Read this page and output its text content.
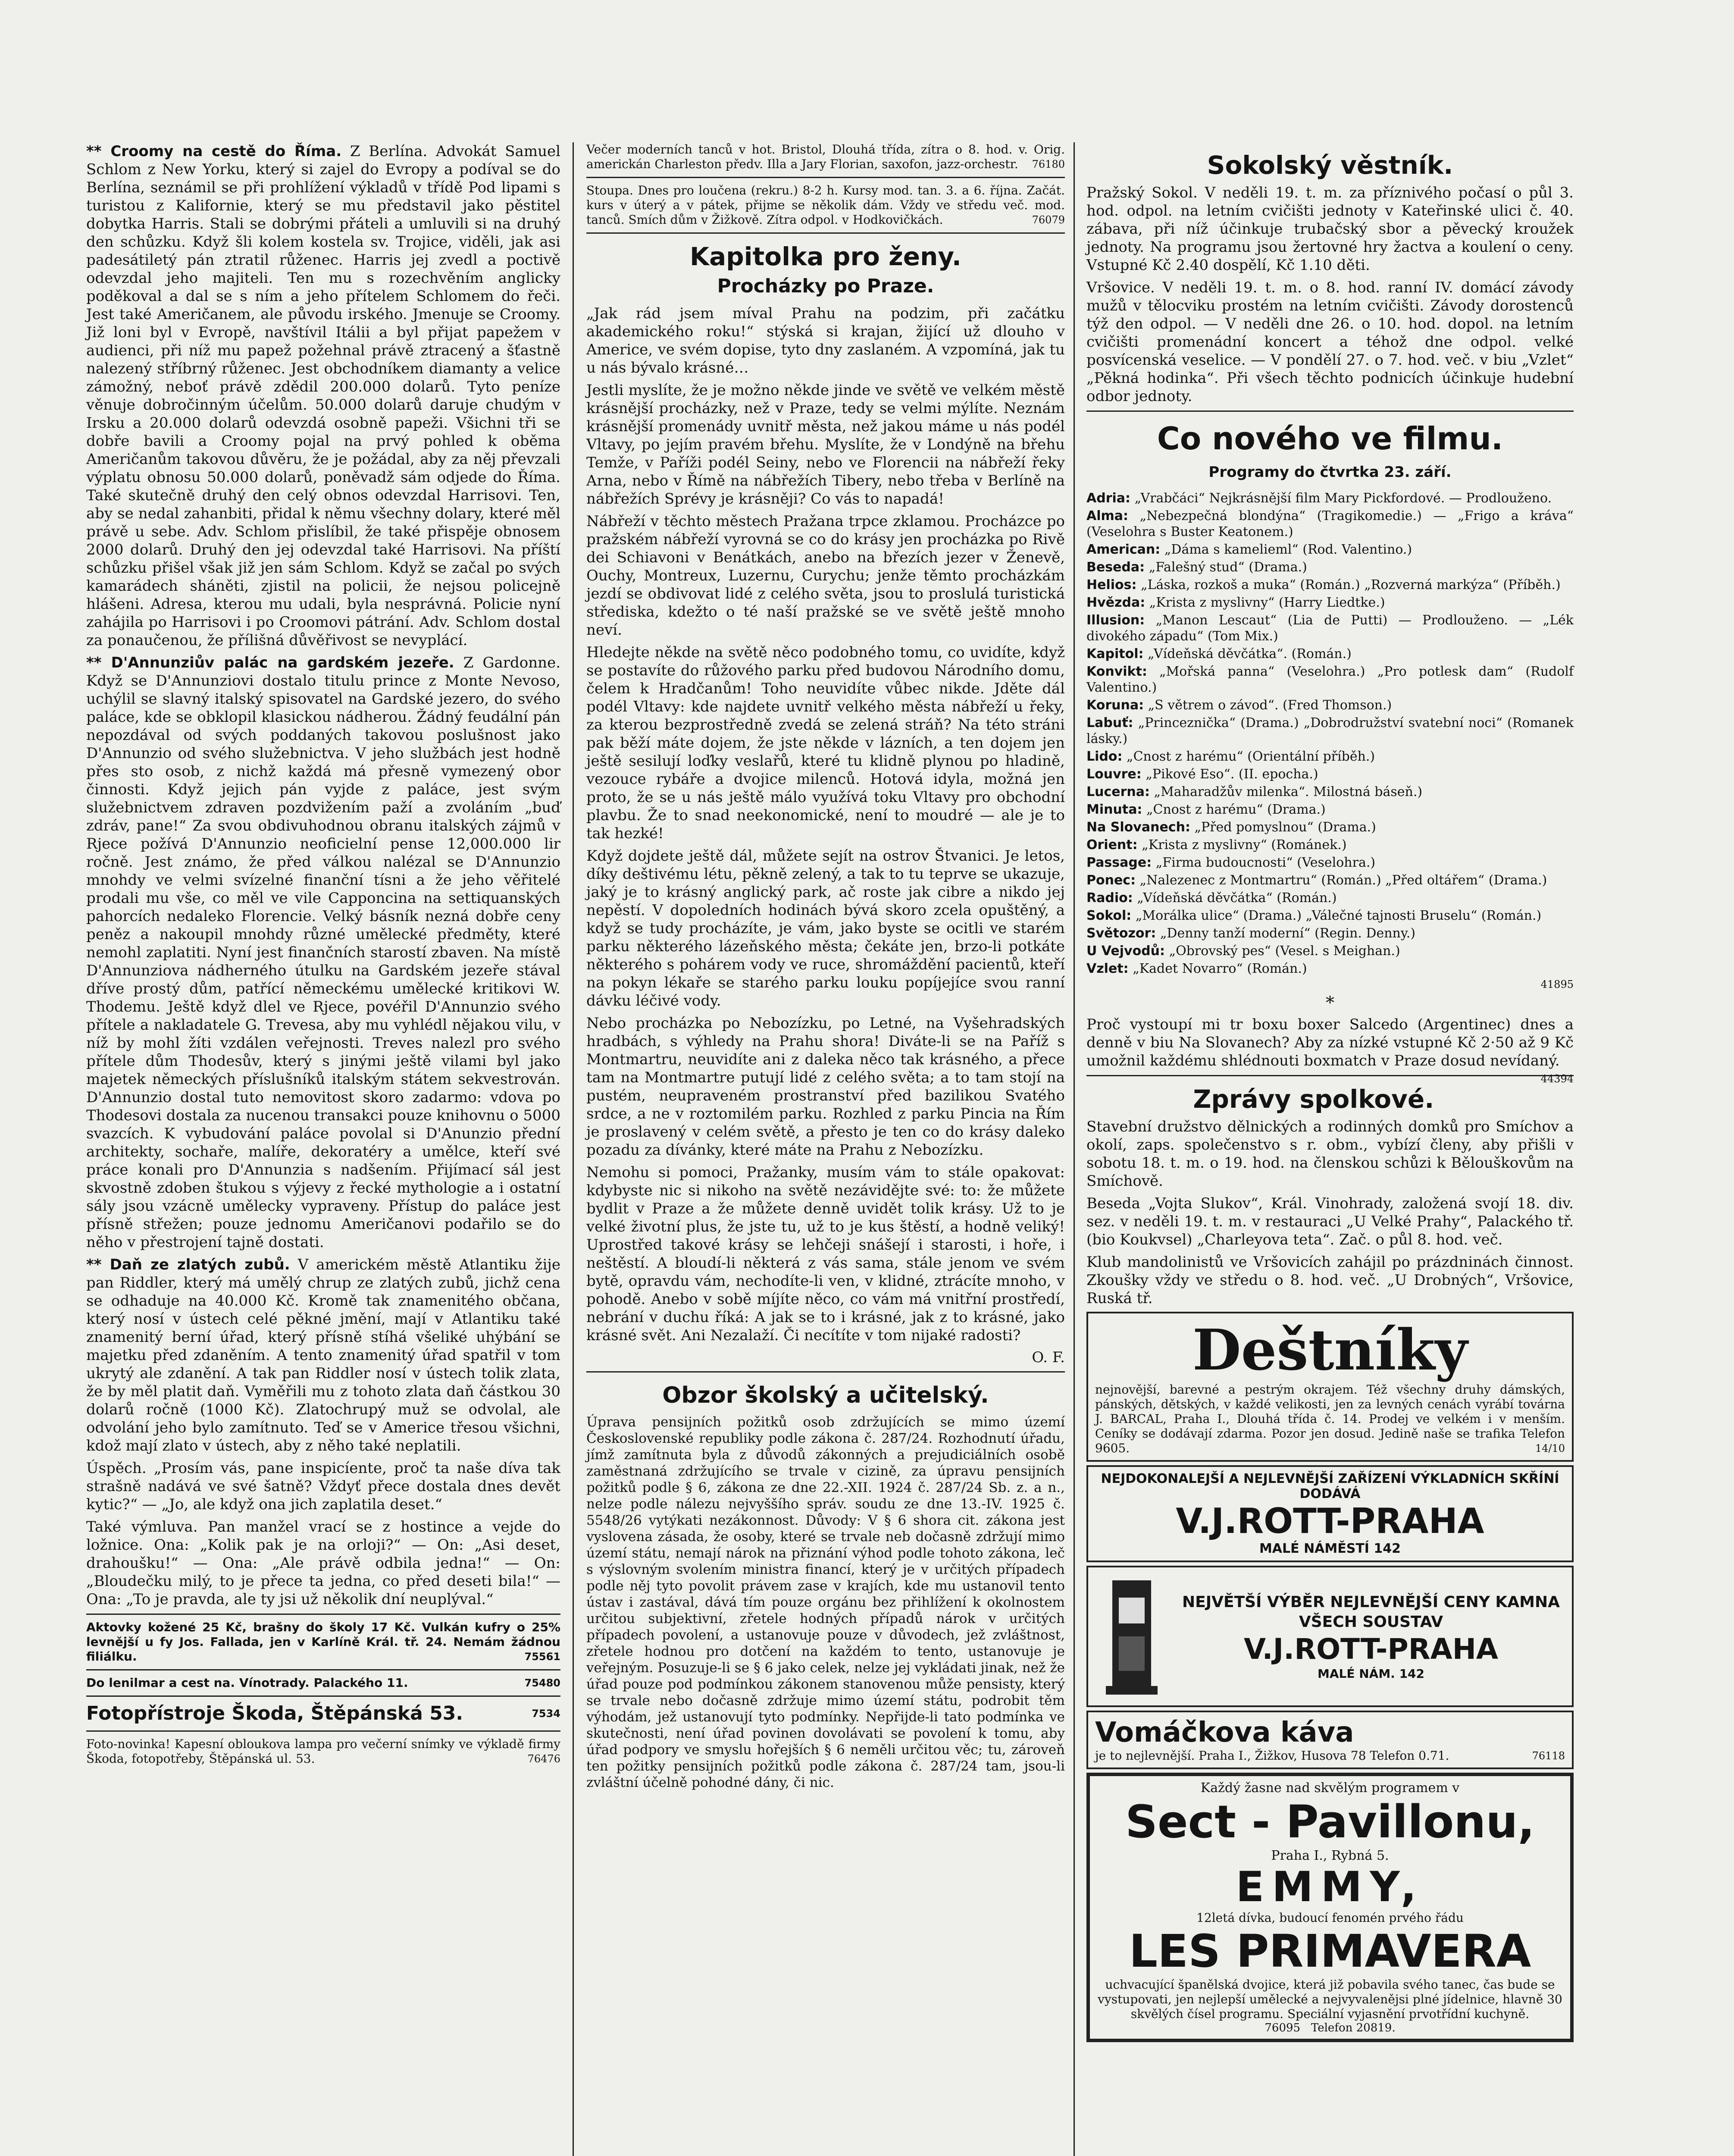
** Croomy na cestě do Říma. Z Berlína. Advokát Samuel Schlom z New Yorku, který si zajel do Evropy a podíval se do Berlína, seznámil se při prohlížení výkladů v třídě Pod lipami s turistou z Kalifornie, který se mu představil jako pěstitel dobytka Harris. Stali se dobrými přáteli a umluvili si na druhý den schůzku. Když šli kolem kostela sv. Trojice, viděli, jak asi padesátiletý pán ztratil růženec. Harris jej zvedl a poctivě odevzdal jeho majiteli. Ten mu s rozechvěním anglicky poděkoval a dal se s ním a jeho přítelem Schlomem do řeči. Jest také Američanem, ale původu irského. Jmenuje se Croomy. Již loni byl v Evropě, navštívil Itálii a byl přijat papežem v audienci, při níž mu papež požehnal právě ztracený a šťastně nalezený stříbrný růženec. Jest obchodníkem diamanty a velice zámožný, neboť právě zdědil 200.000 dolarů. Tyto peníze věnuje dobročinným účelům. 50.000 dolarů daruje chudým v Irsku a 20.000 dolarů odevzdá osobně papeži. Všichni tři se dobře bavili a Croomy pojal na prvý pohled k oběma Američanům takovou důvěru, že je požádal, aby za něj převzali výplatu obnosu 50.000 dolarů, poněvadž sám odjede do Říma. Také skutečně druhý den celý obnos odevzdal Harrisovi. Ten, aby se nedal zahanbiti, přidal k němu všechny dolary, které měl právě u sebe. Adv. Schlom přislíbil, že také přispěje obnosem 2000 dolarů. Druhý den jej odevzdal také Harrisovi. Na příští schůzku přišel však již jen sám Schlom. Když se začal po svých kamarádech sháněti, zjistil na policii, že nejsou policejně hlášeni. Adresa, kterou mu udali, byla nesprávná. Policie nyní zahájila po Harrisovi i po Croomovi pátrání. Adv. Schlom dostal za ponaučenou, že přílišná důvěřivost se nevyplácí.

** D'Annunziův palác na gardském jezeře. Z Gardonne. Když se D'Annunziovi dostalo titulu prince z Monte Nevoso, uchýlil se slavný italský spisovatel na Gardské jezero, do svého paláce, kde se obklopil klasickou nádherou. Žádný feudální pán nepozdával od svých poddaných takovou poslušnost jako D'Annunzio od svého služebnictva. V jeho službách jest hodně přes sto osob, z nichž každá má přesně vymezený obor činnosti. Když jejich pán vyjde z paláce, jest svým služebnictvem zdraven pozdvižením paží a zvoláním „buď zdráv, pane!“ Za svou obdivuhodnou obranu italských zájmů v Rjece požívá D'Annunzio neoficielní pense 12,000.000 lir ročně. Jest známo, že před válkou nalézal se D'Annunzio mnohdy ve velmi svízelné finanční tísni a že jeho věřitelé prodali mu vše, co měl ve vile Capponcina na settiquanských pahorcích nedaleko Florencie. Velký básník nezná dobře ceny peněz a nakoupil mnohdy různé umělecké předměty, které nemohl zaplatiti. Nyní jest finančních starostí zbaven. Na místě D'Annunziova nádherného útulku na Gardském jezeře stával dříve prostý dům, patřící německému umělecké kritikovi W. Thodemu. Ještě když dlel ve Rjece, povéřil D'Annunzio svého přítele a nakladatele G. Trevesa, aby mu vyhlédl nějakou vilu, v níž by mohl žíti vzdálen veřejnosti. Treves nalezl pro svého přítele dům Thodesův, který s jinými ještě vilami byl jako majetek německých příslušníků italským státem sekvestrován. D'Annunzio dostal tuto nemovitost skoro zadarmo: vdova po Thodesovi dostala za nucenou transakci pouze knihovnu o 5000 svazcích. K vybudování paláce povolal si D'Anunzio přední architekty, sochaře, malíře, dekoratéry a umělce, kteří své práce konali pro D'Annunzia s nadšením. Přijímací sál jest skvostně zdoben štukou s výjevy z řecké mythologie a i ostatní sály jsou vzácně umělecky vypraveny. Přístup do paláce jest přísně střežen; pouze jednomu Američanovi podařilo se do něho v přestrojení tajně dostati.

** Daň ze zlatých zubů. V americkém městě Atlantiku žije pan Riddler, který má umělý chrup ze zlatých zubů, jichž cena se odhaduje na 40.000 Kč. Kromě tak znamenitého občana, který nosí v ústech celé pěkné jmění, mají v Atlantiku také znamenitý berní úřad, který přísně stíhá všeliké uhýbání se majetku před zdaněním. A tento znamenitý úřad spatřil v tom ukrytý ale zdanění. A tak pan Riddler nosí v ústech tolik zlata, že by měl platit daň. Vyměřili mu z tohoto zlata daň částkou 30 dolarů ročně (1000 Kč). Zlatochrupý muž se odvolal, ale odvolání jeho bylo zamítnuto. Teď se v Americe třesou všichni, kdož mají zlato v ústech, aby z něho také neplatili.

Úspěch. „Prosím vás, pane inspicíente, proč ta naše díva tak strašně nadává ve své šatně? Vždyť přece dostala dnes devět kytic?“ — „Jo, ale když ona jich zaplatila deset.“

Také výmluva. Pan manžel vrací se z hostince a vejde do ložnice. Ona: „Kolik pak je na orloji?“ — On: „Asi deset, drahoušku!“ — Ona: „Ale právě odbila jedna!“ — On: „Bloudečku milý, to je přece ta jedna, co před deseti bila!“ — Ona: „To je pravda, ale ty jsi už několik dní neuplýval.“

Aktovky kožené 25 Kč, brašny do školy 17 Kč. Vulkán kufry o 25% levnější u fy Jos. Fallada, jen v Karlíně Král. tř. 24. Nemám žádnou filiálku.	75561

Do lenilmar a cest na. Vínotrady. Palackého 11.	75480

Fotopřístroje Škoda, Štěpánská 53.	7534

Foto-novinka! Kapesní obloukova lampa pro večerní snímky ve výkladě firmy Škoda, fotopotřeby, Štěpánská ul. 53.	76476

Večer moderních tanců v hot. Bristol, Dlouhá třída, zítra o 8. hod. v. Orig. americkán Charleston předv. Illa a Jary Florian, saxofon, jazz-orchestr. 76180

Stoupa. Dnes pro loučena (rekru.) 8-2 h. Kursy mod. tan. 3. a 6. října. Začát. kurs v úterý a v pátek, přijme se několik dám. Vždy ve středu več. mod. tanců. Smích dům v Žižkově. Zítra odpol. v Hodkovičkách.	76079

Kapitolka pro ženy.
Procházky po Praze.

„Jak rád jsem míval Prahu na podzim, při začátku akademického roku!“ stýská si krajan, žijící už dlouho v Americe, ve svém dopise, tyto dny zaslaném. A vzpomíná, jak tu u nás bývalo krásné…

Jestli myslíte, že je možno někde jinde ve světě ve velkém městě krásnější procházky, než v Praze, tedy se velmi mýlíte. Neznám krásnější promenády uvnitř města, než jakou máme u nás podél Vltavy, po jejím pravém břehu. Myslíte, že v Londýně na břehu Temže, v Paříži podél Seiny, nebo ve Florencii na nábřeží řeky Arna, nebo v Římě na nábřežích Tibery, nebo třeba v Berlíně na nábřežích Sprévy je krásněji? Co vás to napadá!

Nábřeží v těchto městech Pražana trpce zklamou. Procházce po pražském nábřeží vyrovná se co do krásy jen procházka po Rivě dei Schiavoni v Benátkách, anebo na březích jezer v Ženevě, Ouchy, Montreux, Luzernu, Curychu; jenže těmto procházkám jezdí se obdivovat lidé z celého světa, jsou to proslulá turistická střediska, kdežto o té naší pražské se ve světě ještě mnoho neví.

Hledejte někde na světě něco podobného tomu, co uvidíte, když se postavíte do růžového parku před budovou Národního domu, čelem k Hradčanům! Toho neuvidíte vůbec nikde. Jděte dál podél Vltavy: kde najdete uvnitř velkého města nábřeží u řeky, za kterou bezprostředně zvedá se zelená stráň? Na této stráni pak běží máte dojem, že jste někde v lázních, a ten dojem jen ještě sesilují loďky veslařů, které tu klidně plynou po hladině, vezouce rybáře a dvojice milenců. Hotová idyla, možná jen proto, že se u nás ještě málo využívá toku Vltavy pro obchodní plavbu. Že to snad neekonomické, není to moudré — ale je to tak hezké!

Když dojdete ještě dál, můžete sejít na ostrov Štvanici. Je letos, díky deštivému létu, pěkně zelený, a tak to tu teprve se ukazuje, jaký je to krásný anglický park, ač roste jak cibre a nikdo jej nepěstí. V dopoledních hodinách bývá skoro zcela opuštěný, a když se tudy procházíte, je vám, jako byste se ocitli ve starém parku některého lázeňského města; čekáte jen, brzo-li potkáte některého s pohárem vody ve ruce, shromáždění pacientů, kteří na pokyn lékaře se starého parku louku popíjejíce svou ranní dávku léčivé vody.

Nebo procházka po Nebozízku, po Letné, na Vyšehradských hradbách, s výhledy na Prahu shora! Diváte-li se na Paříž s Montmartru, neuvidíte ani z daleka něco tak krásného, a přece tam na Montmartre putují lidé z celého světa; a to tam stojí na pustém, neupraveném prostranství před bazilikou Svatého srdce, a ne v roztomilém parku. Rozhled z parku Pincia na Řím je proslavený v celém světě, a přesto je ten co do krásy daleko pozadu za dívánky, které máte na Prahu z Nebozízku.

Nemohu si pomoci, Pražanky, musím vám to stále opakovat: kdybyste nic si nikoho na světě nezávidějte své: to: že můžete bydlit v Praze a že můžete denně uvidět tolik krásy. Už to je velké životní plus, že jste tu, už to je kus štěstí, a hodně veliký! Uprostřed takové krásy se lehčeji snášejí i starosti, i hoře, i neštěstí. A bloudí-li některá z vás sama, stále jenom ve svém bytě, opravdu vám, nechodíte-li ven, v klidné, ztrácíte mnoho, v pohodě. Anebo v sobě míjíte něco, co vám má vnitřní prostředí, nebrání v duchu říká: A jak se to i krásné, jak z to krásné, jako krásné svět. Ani Nezalaží. Či necítíte v tom nijaké radosti?

O. F.
Obzor školský a učitelský.

Úprava pensijních požitků osob zdržujících se mimo území Československé republiky podle zákona č. 287/24. Rozhodnutí úřadu, jímž zamítnuta byla z důvodů zákonných a prejudiciálních osobě zaměstnaná zdržujícího se trvale v cizině, za úpravu pensijních požitků podle § 6, zákona ze dne 22.-XII. 1924 č. 287/24 Sb. z. a n., nelze podle nálezu nejvyššího správ. soudu ze dne 13.-IV. 1925 č. 5548/26 vytýkati nezákonnost. Důvody: V § 6 shora cit. zákona jest vyslovena zásada, že osoby, které se trvale neb dočasně zdržují mimo území státu, nemají nárok na přiznání výhod podle tohoto zákona, leč s výslovným svolením ministra financí, který je v určitých případech podle něj tyto povolit právem zase v krajích, kde mu ustanovil tento ústav i zastával, dává tím pouze orgánu bez přihlížení k okolnostem určitou subjektivní, zřetele hodných případů nárok v určitých případech povolení, a ustanovuje pouze v důvodech, jež zvláštnost, zřetele hodnou pro dotčení na každém to tento, ustanovuje je veřejným. Posuzuje-li se § 6 jako celek, nelze jej vykládati jinak, než že úřad pouze pod podmínkou zákonem stanovenou může pensisty, který se trvale nebo dočasně zdržuje mimo území státu, podrobit těm výhodám, jež ustanovují tyto podmínky. Nepřijde-li tato podmínka ve skutečnosti, není úřad povinen dovolávati se povolení k tomu, aby úřad podpory ve smyslu hořejších § 6 neměli určitou věc; tu, zároveň ten požitky pensijních požitků podle zákona č. 287/24 tam, jsou-li zvláštní účelně pohodné dány, či nic.

Sokolský věstník.

Pražský Sokol. V neděli 19. t. m. za příznivého počasí o půl 3. hod. odpol. na letním cvičišti jednoty v Kateřinské ulici č. 40. zábava, při níž účinkuje trubačský sbor a pěvecký kroužek jednoty. Na programu jsou žertovné hry žactva a koulení o ceny. Vstupné Kč 2.40 dospělí, Kč 1.10 děti.

Vršovice. V neděli 19. t. m. o 8. hod. ranní IV. domácí závody mužů v tělocviku prostém na letním cvičišti. Závody dorostenců týž den odpol. — V neděli dne 26. o 10. hod. dopol. na letním cvičišti promenádní koncert a téhož dne odpol. velké posvícenská veselice. — V pondělí 27. o 7. hod. več. v biu „Vzlet“ „Pěkná hodinka“. Při všech těchto podnicích účinkuje hudební odbor jednoty.

Co nového ve filmu.
Programy do čtvrtka 23. září.

Adria: „Vrabčáci“ Nejkrásnější film Mary Pickfordové. — Prodlouženo.

Alma: „Nebezpečná blondýna“ (Tragikomedie.) — „Frigo a kráva“ (Veselohra s Buster Keatonem.)

American: „Dáma s kamelieml“ (Rod. Valentino.)

Beseda: „Falešný stud“ (Drama.)

Helios: „Láska, rozkoš a muka“ (Román.) „Rozverná markýza“ (Příběh.)

Hvězda: „Krista z myslivny“ (Harry Liedtke.)

Illusion: „Manon Lescaut“ (Lia de Putti) — Prodlouženo. — „Lék divokého západu“ (Tom Mix.)

Kapitol: „Vídeňská děvčátka“. (Román.)

Konvikt: „Mořská panna“ (Veselohra.) „Pro potlesk dam“ (Rudolf Valentino.)

Koruna: „S větrem o závod“. (Fred Thomson.)

Labuť: „Princeznička“ (Drama.) „Dobrodružství svatební noci“ (Romanek lásky.)

Lido: „Cnost z harému“ (Orientální příběh.)

Louvre: „Pikové Eso“. (II. epocha.)

Lucerna: „Maharadžův milenka“. Milostná báseň.)

Minuta: „Cnost z harému“ (Drama.)

Na Slovanech: „Před pomyslnou“ (Drama.)

Orient: „Krista z myslivny“ (Románek.)

Passage: „Firma budoucnosti“ (Veselohra.)

Ponec: „Nalezenec z Montmartru“ (Román.) „Před oltářem“ (Drama.)

Radio: „Vídeňská děvčátka“ (Román.)

Sokol: „Morálka ulice“ (Drama.) „Válečné tajnosti Bruselu“ (Román.)

Světozor: „Denny tanží moderní“ (Regin. Denny.)

U Vejvodů: „Obrovský pes“ (Vesel. s Meighan.)

Vzlet: „Kadet Novarro“ (Román.)

41895
*

Proč vystoupí mi tr boxu boxer Salcedo (Argentinec) dnes a denně v biu Na Slovanech? Aby za nízké vstupné Kč 2·50 až 9 Kč umožnil každému shlédnouti boxmatch v Praze dosud nevídaný.
44394

Zprávy spolkové.

Stavební družstvo dělnických a rodinných domků pro Smíchov a okolí, zaps. společenstvo s r. obm., vybízí členy, aby přišli v sobotu 18. t. m. o 19. hod. na členskou schůzi k Bělouškovům na Smíchově.

Beseda „Vojta Slukov“, Král. Vinohrady, založená svojí 18. div. sez. v neděli 19. t. m. v restauraci „U Velké Prahy“, Palackého tř. (bio Koukvsel) „Charleyova teta“. Zač. o půl 8. hod. več.

Klub mandolinistů ve Vršovicích zahájil po prázdninách činnost. Zkoušky vždy ve středu o 8. hod. več. „U Drobných“, Vršovice, Ruská tř.

Deštníky

nejnovější, barevné a pestrým okrajem. Též všechny druhy dámských, pánských, dětských, v každé velikosti, jen za levných cenách vyrábí továrna J. BARCAL, Praha I., Dlouhá třída č. 14. Prodej ve velkém i v menším. Ceníky se dodávají zdarma. Pozor jen dosud. Jedině naše se trafika Telefon 9605.	14/10

NEJDOKONALEJŠÍ A NEJLEVNĚJŠÍ ZAŘÍZENÍ VÝKLADNÍCH SKŘÍNÍ DODÁVÁ
V.J.ROTT-PRAHA
MALÉ NÁMĚSTÍ 142
NEJVĚTŠÍ VÝBĚR NEJLEVNĚJŠÍ CENY KAMNA VŠECH SOUSTAV
V.J.ROTT-PRAHA
MALÉ NÁM. 142
Vomáčkova káva

je to nejlevnější. Praha I., Žižkov, Husova 78 Telefon 0.71.	76118

Každý žasne nad skvělým programem v
Sect - Pavillonu,
Praha I., Rybná 5.
EMMY,
12letá dívka, budoucí fenomén prvého řádu
LES PRIMAVERA

uchvacující španělská dvojice, která již pobavila svého tanec, čas bude se vystupovati, jen nejlepší umělecké a nejvyvalenějsi plné jídelnice, hlavně 30 skvělých čísel programu. Speciální vyjasnění prvotřídní kuchyně.

76095 Telefon 20819.
